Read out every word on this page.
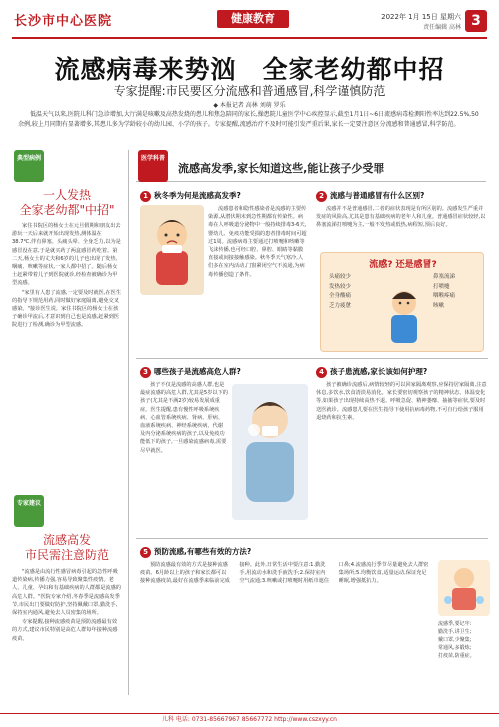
长沙市中心医院	健康教育	2022年 1月 15日 星期六
责任编辑 高林 3
流感病毒来势汹　全家老幼都中招
专家提醒:市民要区分流感和普通感冒,科学谨慎防范
◆ 本报记者 高林 刘萌 罗乐
低温天气以来,医院儿科门急诊增加,大厅满是咳嗽及高热发烧的患儿和焦急陪同的家长,操患院儿童医学中心疾控显示,截至1月1日~6日流感病毒检测阳性率达到22.5%,50余例,较上月同期有显著增多,其患儿多为学龄较小的幼儿园、小学的孩子。专家提醒,流感治疗不及时可能引发严重后果,家长一定要注意区分流感和普通感冒,科学防范。
典型病例
一人发热
全家老幼都"中招"

家住书院区的杨女士在元旦假期和朋友出去游玩一天后来就开始出现发热,测体温在 38.7℃,伴有鼻塞、头痛头晕、全身乏力,以为是感冒没在意,于是就买药了两盒感冒药吃着。第二天,杨女士的丈夫和6岁的儿子也出现了发热、咽痛、咳嗽等症状,一家人都中招了。随后杨女士赶紧带着儿子到医院就诊,经检查被确诊为甲型流感。

"家里有人患了流感,一定要及时就医,在医生的指导下规范用药,同时做好家庭隔离,避免交叉感染。"接诊医生说。家住书院区的杨女士在孩子确诊甲流后,才意识到自己也是流感,赶紧到医院进行了检测,确诊为甲型流感。

专家建议
流感高发
市民需注意防范

"流感是由流行性感冒病毒引起的急性呼吸道传染病,传播力强,容易导致聚集性疫情。老人、儿童、孕妇和有基础疾病的人群都是流感的高危人群。"医院专家介绍,冬春季是流感高发季节,市民出门要做好防护,坚持佩戴口罩,勤洗手,保持室内通风,避免去人员密集的场所。

专家提醒,接种流感疫苗是预防流感最有效的方式,建议市民特别是高危人群每年接种流感疫苗。

医学科普
流感高发季,家长知道这些,能让孩子少受罪
1 秋冬季为何是流感高发季?
流感患者和隐性感染者是流感的主要传染源,从潜伏期末到急性期都有传染性。病毒在人呼吸道分泌物中一般持续排毒3-6天,婴幼儿、免疫功能受损的患者排毒时间可超过1周。流感病毒主要通过打喷嚏和咳嗽等飞沫传播,也可经口腔、鼻腔、眼睛等黏膜直接或间接接触感染。秋冬季天气寒冷,人们多在室内活动,门窗紧闭空气不流通,为病毒传播创造了条件。
2 流感与普通感冒有什么区别?
流感并不是普通感冒,二者的症状表现是有所区别的。流感发生严重并发症的风险高,尤其是患有基础疾病的老年人和儿童。普通感冒症状较轻,以鼻塞流涕打喷嚏为主,一般不发热或低热,病程短,预后良好。
流感? 还是感冒?
头痛较少
发热较少
全身酸痛
乏力疲惫
鼻塞流涕
打喷嚏
咽喉疼痛
咳嗽
3 哪些孩子是流感高危人群?
孩子不仅是流感的高感人群,也是最症流感的高危人群,尤其是5岁以下的孩子(尤其是不满2岁)较易发展成重症。医生提醒,患有慢性呼吸系统疾病、心血管系统疾病、肾病、肝病、血液系统疾病、神经系统疾病、代谢及内分泌系统疾病的孩子,以及免疫功能低下的孩子,一旦感染流感病毒,需要尽早就医。
4 孩子患流感,家长该如何护理?
孩子被确诊流感后,病情较轻的可以回家隔离观察,应保持居家隔离,注意休息,多饮水,饮食清淡易消化。家长要密切观察孩子的精神状态、体温变化等,如果孩子出现持续高热不退、呼吸急促、精神萎靡、抽搐等症状,要及时送医就诊。流感患儿要在医生指导下使用抗病毒药物,不可自行给孩子服用退烧药和抗生素。
5 预防流感,有哪些有效的方法?
预防流感最有效的方式是接种流感疫苗。6月龄以上的孩子和家长都可以接种流感疫苗,最好在流感季来临前完成接种。此外,日常生活中要注意:1.勤洗手,用流动水和洗手液洗手;2.保持室内空气流通;3.咳嗽或打喷嚏时用纸巾遮住口鼻;4.流感流行季节尽量避免去人群密集场所;5.均衡饮食,适量运动,保证充足睡眠,增强抵抗力。
流感季,要记牢:
勤洗手,讲卫生;
戴口罩,少聚集;
常通风,多锻炼;
打疫苗,防重症。
儿科 电话: 0731-85667967 85667772 http://www.cszxyy.cn
